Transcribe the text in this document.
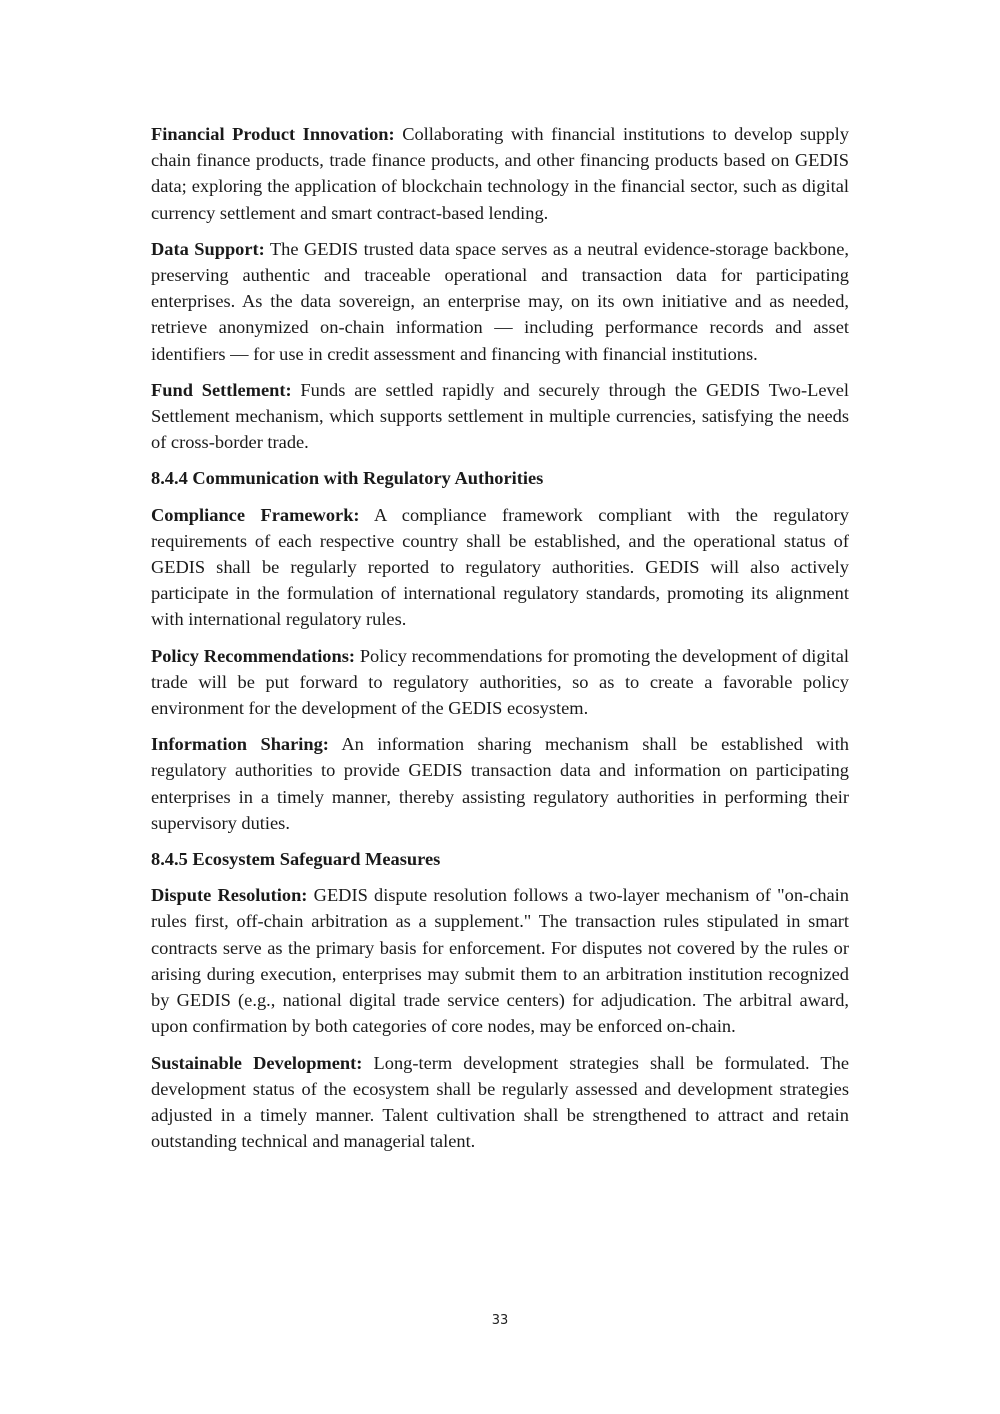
Financial Product Innovation: Collaborating with financial institutions to develop supply chain finance products, trade finance products, and other financing products based on GEDIS data; exploring the application of blockchain technology in the financial sector, such as digital currency settlement and smart contract-based lending.

Data Support: The GEDIS trusted data space serves as a neutral evidence-storage backbone, preserving authentic and traceable operational and transaction data for participating enterprises. As the data sovereign, an enterprise may, on its own initiative and as needed, retrieve anonymized on-chain information — including performance records and asset identifiers — for use in credit assessment and financing with financial institutions.

Fund Settlement: Funds are settled rapidly and securely through the GEDIS Two-Level Settlement mechanism, which supports settlement in multiple currencies, satisfying the needs of cross-border trade.

8.4.4 Communication with Regulatory Authorities

Compliance Framework: A compliance framework compliant with the regulatory requirements of each respective country shall be established, and the operational status of GEDIS shall be regularly reported to regulatory authorities. GEDIS will also actively participate in the formulation of international regulatory standards, promoting its alignment with international regulatory rules.

Policy Recommendations: Policy recommendations for promoting the development of digital trade will be put forward to regulatory authorities, so as to create a favorable policy environment for the development of the GEDIS ecosystem.

Information Sharing: An information sharing mechanism shall be established with regulatory authorities to provide GEDIS transaction data and information on participating enterprises in a timely manner, thereby assisting regulatory authorities in performing their supervisory duties.

8.4.5 Ecosystem Safeguard Measures

Dispute Resolution: GEDIS dispute resolution follows a two-layer mechanism of "on-chain rules first, off-chain arbitration as a supplement." The transaction rules stipulated in smart contracts serve as the primary basis for enforcement. For disputes not covered by the rules or arising during execution, enterprises may submit them to an arbitration institution recognized by GEDIS (e.g., national digital trade service centers) for adjudication. The arbitral award, upon confirmation by both categories of core nodes, may be enforced on-chain.

Sustainable Development: Long-term development strategies shall be formulated. The development status of the ecosystem shall be regularly assessed and development strategies adjusted in a timely manner. Talent cultivation shall be strengthened to attract and retain outstanding technical and managerial talent.

33
